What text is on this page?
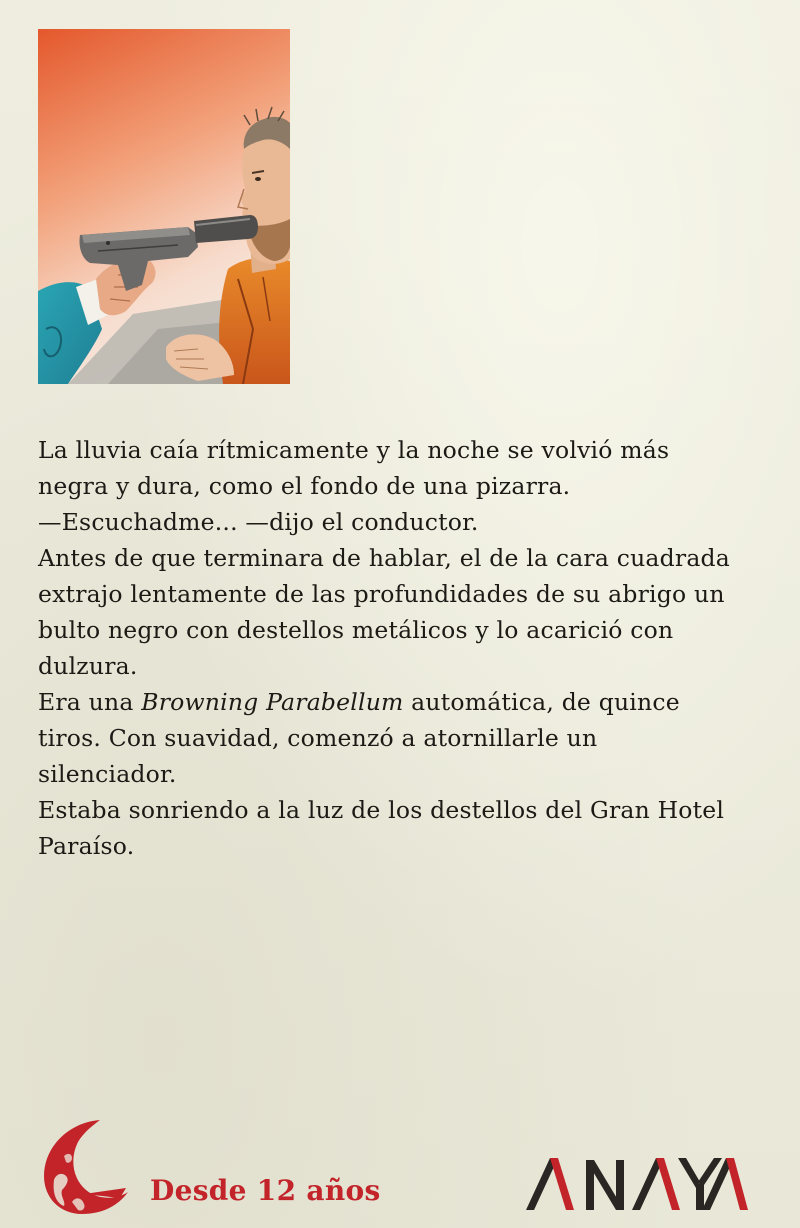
La lluvia caía rítmicamente y la noche se volvió más negra y dura, como el fondo de una pizarra.

—Escuchadme... —dijo el conductor.

Antes de que terminara de hablar, el de la cara cuadrada extrajo lentamente de las profundidades de su abrigo un bulto negro con destellos metálicos y lo acarició con dulzura.

Era una Browning Parabellum automática, de quince tiros. Con suavidad, comenzó a atornillarle un silenciador.

Estaba sonriendo a la luz de los destellos del Gran Hotel Paraíso.

Desde 12 años
